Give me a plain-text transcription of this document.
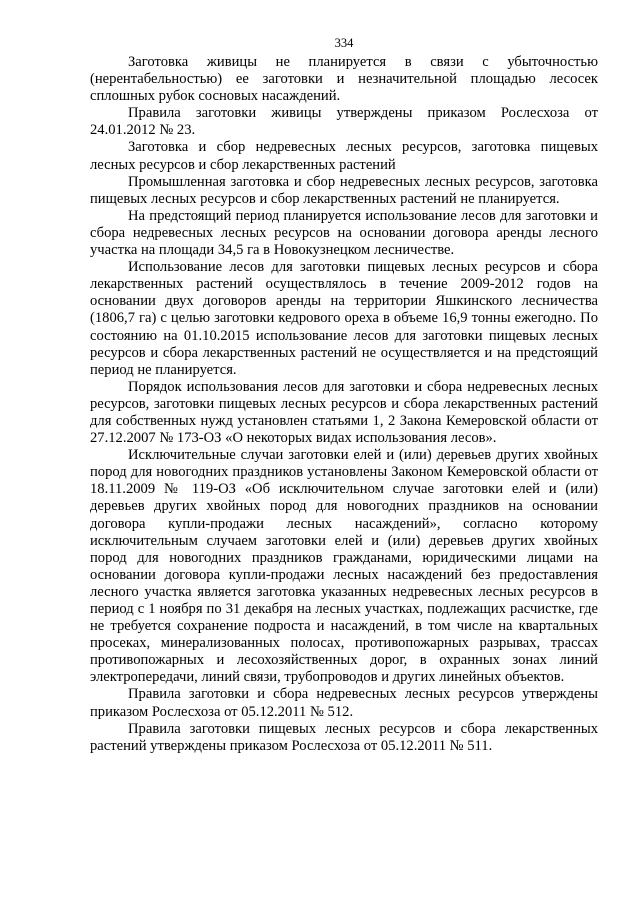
334

Заготовка живицы не планируется в связи с убыточностью (нерентабельностью) ее заготовки и незначительной площадью лесосек сплошных рубок сосновых насаждений.

Правила заготовки живицы утверждены приказом Рослесхоза от 24.01.2012 № 23.

Заготовка и сбор недревесных лесных ресурсов, заготовка пищевых лесных ресурсов и сбор лекарственных растений

Промышленная заготовка и сбор недревесных лесных ресурсов, заготовка пищевых лесных ресурсов и сбор лекарственных растений не планируется.

На предстоящий период планируется использование лесов для заготовки и сбора недревесных лесных ресурсов на основании договора аренды лесного участка на площади 34,5 га в Новокузнецком лесничестве.

Использование лесов для заготовки пищевых лесных ресурсов и сбора лекарственных растений осуществлялось в течение 2009-2012 годов на основании двух договоров аренды на территории Яшкинского лесничества (1806,7 га) с целью заготовки кедрового ореха в объеме 16,9 тонны ежегодно. По состоянию на 01.10.2015 использование лесов для заготовки пищевых лесных ресурсов и сбора лекарственных растений не осуществляется и на предстоящий период не планируется.

Порядок использования лесов для заготовки и сбора недревесных лесных ресурсов, заготовки пищевых лесных ресурсов и сбора лекарственных растений для собственных нужд установлен статьями 1, 2 Закона Кемеровской области от 27.12.2007 № 173-ОЗ «О некоторых видах использования лесов».

Исключительные случаи заготовки елей и (или) деревьев других хвойных пород для новогодних праздников установлены Законом Кемеровской области от 18.11.2009 № 119-ОЗ «Об исключительном случае заготовки елей и (или) деревьев других хвойных пород для новогодних праздников на основании договора купли-продажи лесных насаждений», согласно которому исключительным случаем заготовки елей и (или) деревьев других хвойных пород для новогодних праздников гражданами, юридическими лицами на основании договора купли-продажи лесных насаждений без предоставления лесного участка является заготовка указанных недревесных лесных ресурсов в период с 1 ноября по 31 декабря на лесных участках, подлежащих расчистке, где не требуется сохранение подроста и насаждений, в том числе на квартальных просеках, минерализованных полосах, противопожарных разрывах, трассах противопожарных и лесохозяйственных дорог, в охранных зонах линий электропередачи, линий связи, трубопроводов и других линейных объектов.

Правила заготовки и сбора недревесных лесных ресурсов утверждены приказом Рослесхоза от 05.12.2011 № 512.

Правила заготовки пищевых лесных ресурсов и сбора лекарственных растений утверждены приказом Рослесхоза от 05.12.2011 № 511.
